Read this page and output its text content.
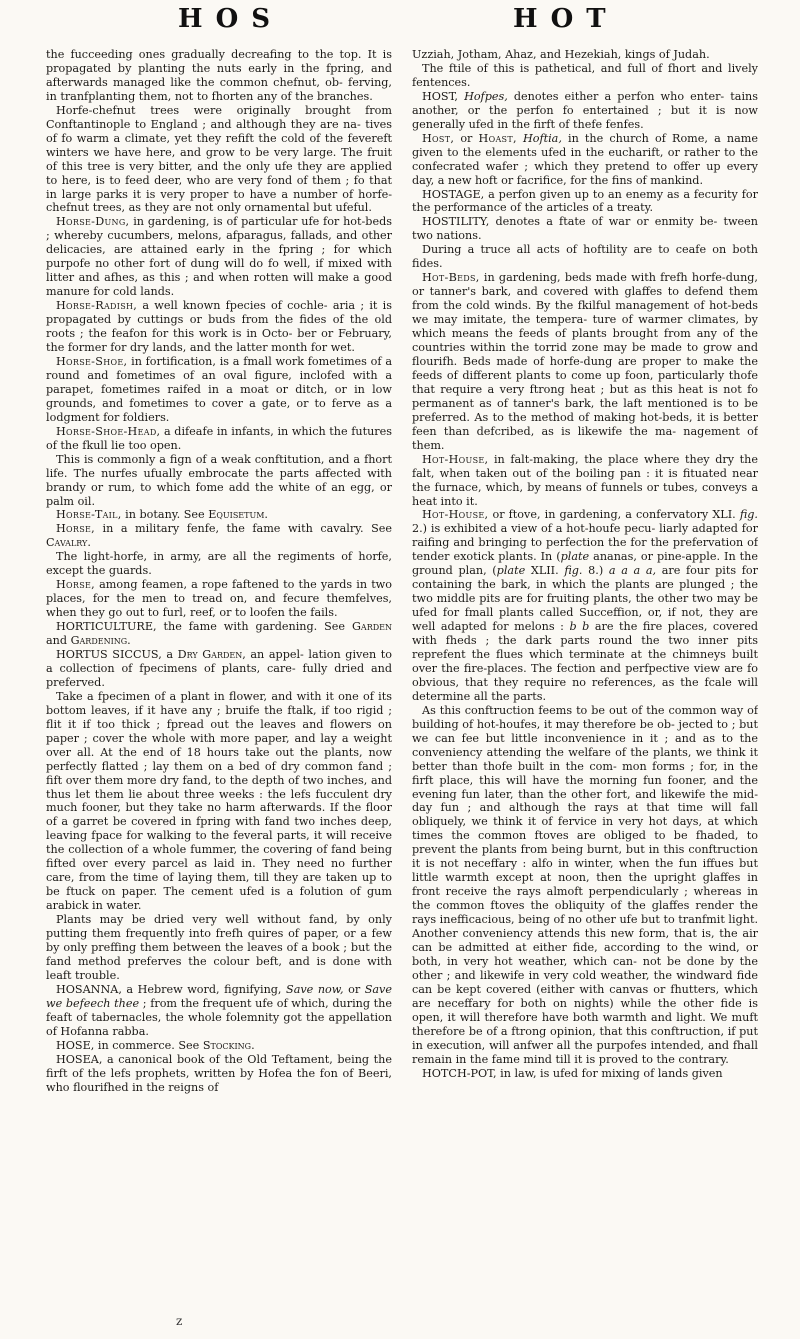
HOS	HOT

the fucceeding ones gradually decreafing to the top. It is propagated by planting the nuts early in the fpring, and afterwards managed like the common chefnut, ob- ferving, in tranfplanting them, not to fhorten any of the branches.

Horfe-chefnut trees were originally brought from Conftantinople to England ; and although they are na- tives of fo warm a climate, yet they refift the cold of the fevereft winters we have here, and grow to be very large. The fruit of this tree is very bitter, and the only ufe they are applied to here, is to feed deer, who are very fond of them ; fo that in large parks it is very proper to have a number of horfe-chefnut trees, as they are not only ornamental but ufeful.

Horse-Dung, in gardening, is of particular ufe for hot-beds ; whereby cucumbers, melons, afparagus, fallads, and other delicacies, are attained early in the fpring ; for which purpofe no other fort of dung will do fo well, if mixed with litter and afhes, as this ; and when rotten will make a good manure for cold lands.

Horse-Radish, a well known fpecies of cochle- aria ; it is propagated by cuttings or buds from the fides of the old roots ; the feafon for this work is in Octo- ber or February, the former for dry lands, and the latter month for wet.

Horse-Shoe, in fortification, is a fmall work fometimes of a round and fometimes of an oval figure, inclofed with a parapet, fometimes raifed in a moat or ditch, or in low grounds, and fometimes to cover a gate, or to ferve as a lodgment for foldiers.

Horse-Shoe-Head, a difeafe in infants, in which the futures of the fkull lie too open.

This is commonly a fign of a weak conftitution, and a fhort life. The nurfes ufually embrocate the parts affected with brandy or rum, to which fome add the white of an egg, or palm oil.

Horse-Tail, in botany. See Equisetum.

Horse, in a military fenfe, the fame with cavalry. See Cavalry.

The light-horfe, in army, are all the regiments of horfe, except the guards.

Horse, among feamen, a rope faftened to the yards in two places, for the men to tread on, and fecure themfelves, when they go out to furl, reef, or to loofen the fails.

HORTICULTURE, the fame with gardening. See Garden and Gardening.

HORTUS SICCUS, a Dry Garden, an appel- lation given to a collection of fpecimens of plants, care- fully dried and preferved.

Take a fpecimen of a plant in flower, and with it one of its bottom leaves, if it have any ; bruife the ftalk, if too rigid ; flit it if too thick ; fpread out the leaves and flowers on paper ; cover the whole with more paper, and lay a weight over all. At the end of 18 hours take out the plants, now perfectly flatted ; lay them on a bed of dry common fand ; fift over them more dry fand, to the depth of two inches, and thus let them lie about three weeks : the lefs fucculent dry much fooner, but they take no harm afterwards. If the floor of a garret be covered in fpring with fand two inches deep, leaving fpace for walking to the feveral parts, it will receive the collection of a whole fummer, the covering of fand being fifted over every parcel as laid in. They need no further care, from the time of laying them, till they are taken up to be ftuck on paper. The cement ufed is a folution of gum arabick in water.

Plants may be dried very well without fand, by only putting them frequently into frefh quires of paper, or a few by only preffing them between the leaves of a book ; but the fand method preferves the colour beft, and is done with leaft trouble.

HOSANNA, a Hebrew word, fignifying, Save now, or Save we befeech thee ; from the frequent ufe of which, during the feaft of tabernacles, the whole folemnity got the appellation of Hofanna rabba.

HOSE, in commerce. See Stocking.

HOSEA, a canonical book of the Old Teftament, being the firft of the lefs prophets, written by Hofea the fon of Beeri, who flourifhed in the reigns of

Uzziah, Jotham, Ahaz, and Hezekiah, kings of Judah.

The ftile of this is pathetical, and full of fhort and lively fentences.

HOST, Hofpes, denotes either a perfon who enter- tains another, or the perfon fo entertained ; but it is now generally ufed in the firft of thefe fenfes.

Host, or Hoast, Hoftia, in the church of Rome, a name given to the elements ufed in the eucharift, or rather to the confecrated wafer ; which they pretend to offer up every day, a new hoft or facrifice, for the fins of mankind.

HOSTAGE, a perfon given up to an enemy as a fecurity for the performance of the articles of a treaty.

HOSTILITY, denotes a ftate of war or enmity be- tween two nations.

During a truce all acts of hoftility are to ceafe on both fides.

Hot-Beds, in gardening, beds made with frefh horfe-dung, or tanner's bark, and covered with glaffes to defend them from the cold winds. By the fkilful management of hot-beds we may imitate, the tempera- ture of warmer climates, by which means the feeds of plants brought from any of the countries within the torrid zone may be made to grow and flourifh. Beds made of horfe-dung are proper to make the feeds of different plants to come up foon, particularly thofe that require a very ftrong heat ; but as this heat is not fo permanent as of tanner's bark, the laft mentioned is to be preferred. As to the method of making hot-beds, it is better feen than defcribed, as is likewife the ma- nagement of them.

Hot-House, in falt-making, the place where they dry the falt, when taken out of the boiling pan : it is fituated near the furnace, which, by means of funnels or tubes, conveys a heat into it.

Hot-House, or ftove, in gardening, a confervatory XLI. fig. 2.) is exhibited a view of a hot-houfe pecu- liarly adapted for raifing and bringing to perfection the for the prefervation of tender exotick plants. In (plate ananas, or pine-apple. In the ground plan, (plate XLII. fig. 8.) a a a a, are four pits for containing the bark, in which the plants are plunged ; the two middle pits are for fruiting plants, the other two may be ufed for fmall plants called Succeffion, or, if not, they are well adapted for melons : b b are the fire places, covered with fheds ; the dark parts round the two inner pits reprefent the flues which terminate at the chimneys built over the fire-places. The fection and perfpective view are fo obvious, that they require no references, as the fcale will determine all the parts.

As this conftruction feems to be out of the common way of building of hot-houfes, it may therefore be ob- jected to ; but we can fee but little inconvenience in it ; and as to the conveniency attending the welfare of the plants, we think it better than thofe built in the com- mon forms ; for, in the firft place, this will have the morning fun fooner, and the evening fun later, than the other fort, and likewife the mid-day fun ; and although the rays at that time will fall obliquely, we think it of fervice in very hot days, at which times the common ftoves are obliged to be fhaded, to prevent the plants from being burnt, but in this conftruction it is not neceffary : alfo in winter, when the fun iffues but little warmth except at noon, then the upright glaffes in front receive the rays almoft perpendicularly ; whereas in the common ftoves the obliquity of the glaffes render the rays inefficacious, being of no other ufe but to tranfmit light. Another conveniency attends this new form, that is, the air can be admitted at either fide, according to the wind, or both, in very hot weather, which can- not be done by the other ; and likewife in very cold weather, the windward fide can be kept covered (either with canvas or fhutters, which are neceffary for both on nights) while the other fide is open, it will therefore have both warmth and light. We muft therefore be of a ftrong opinion, that this conftruction, if put in execution, will anfwer all the purpofes intended, and fhall remain in the fame mind till it is proved to the contrary.

HOTCH-POT, in law, is ufed for mixing of lands given

z
